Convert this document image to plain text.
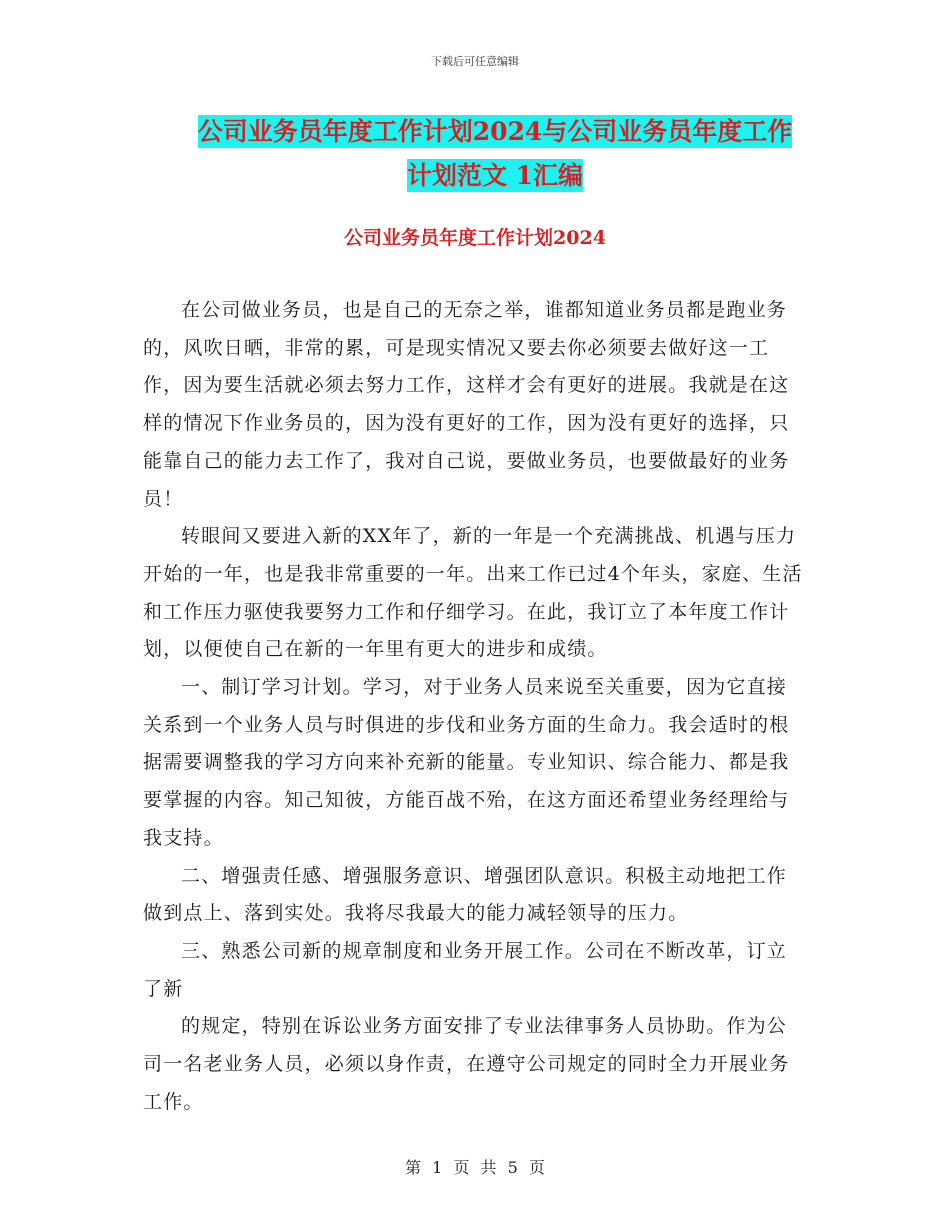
下载后可任意编辑
公司业务员年度工作计划2024与公司业务员年度工作
计划范文 1汇编
公司业务员年度工作计划2024

在公司做业务员，也是自己的无奈之举，谁都知道业务员都是跑业务的，风吹日晒，非常的累，可是现实情况又要去你必须要去做好这一工作，因为要生活就必须去努力工作，这样才会有更好的进展。我就是在这样的情况下作业务员的，因为没有更好的工作，因为没有更好的选择，只能靠自己的能力去工作了，我对自己说，要做业务员，也要做最好的业务员！

转眼间又要进入新的XX年了，新的一年是一个充满挑战、机遇与压力开始的一年，也是我非常重要的一年。出来工作已过4个年头，家庭、生活和工作压力驱使我要努力工作和仔细学习。在此，我订立了本年度工作计划，以便使自己在新的一年里有更大的进步和成绩。

一、制订学习计划。学习，对于业务人员来说至关重要，因为它直接关系到一个业务人员与时俱进的步伐和业务方面的生命力。我会适时的根据需要调整我的学习方向来补充新的能量。专业知识、综合能力、都是我要掌握的内容。知己知彼，方能百战不殆，在这方面还希望业务经理给与我支持。

二、增强责任感、增强服务意识、增强团队意识。积极主动地把工作做到点上、落到实处。我将尽我最大的能力减轻领导的压力。

三、熟悉公司新的规章制度和业务开展工作。公司在不断改革，订立了新

的规定，特别在诉讼业务方面安排了专业法律事务人员协助。作为公司一名老业务人员，必须以身作责，在遵守公司规定的同时全力开展业务工作。

第 1 页 共 5 页
